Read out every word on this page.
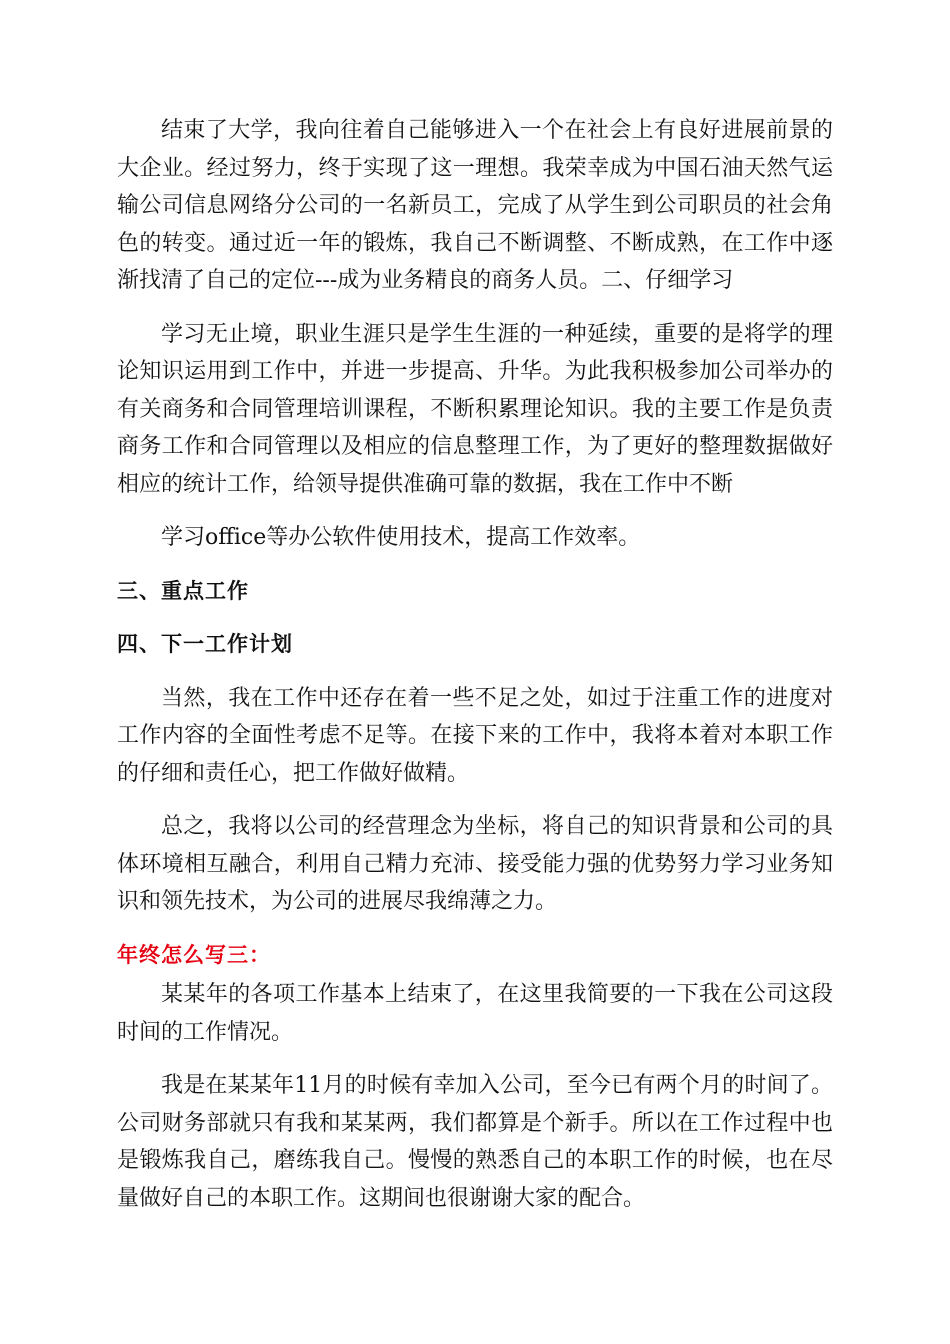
结束了大学，我向往着自己能够进入一个在社会上有良好进展前景的大企业。经过努力，终于实现了这一理想。我荣幸成为中国石油天然气运输公司信息网络分公司的一名新员工，完成了从学生到公司职员的社会角色的转变。通过近一年的锻炼，我自己不断调整、不断成熟，在工作中逐渐找清了自己的定位---成为业务精良的商务人员。二、仔细学习

学习无止境，职业生涯只是学生生涯的一种延续，重要的是将学的理论知识运用到工作中，并进一步提高、升华。为此我积极参加公司举办的有关商务和合同管理培训课程，不断积累理论知识。我的主要工作是负责商务工作和合同管理以及相应的信息整理工作，为了更好的整理数据做好相应的统计工作，给领导提供准确可靠的数据，我在工作中不断

学习office等办公软件使用技术，提高工作效率。

三、重点工作

四、下一工作计划

当然，我在工作中还存在着一些不足之处，如过于注重工作的进度对工作内容的全面性考虑不足等。在接下来的工作中，我将本着对本职工作的仔细和责任心，把工作做好做精。

总之，我将以公司的经营理念为坐标，将自己的知识背景和公司的具体环境相互融合，利用自己精力充沛、接受能力强的优势努力学习业务知识和领先技术，为公司的进展尽我绵薄之力。

年终怎么写三：

某某年的各项工作基本上结束了，在这里我简要的一下我在公司这段时间的工作情况。

我是在某某年11月的时候有幸加入公司，至今已有两个月的时间了。公司财务部就只有我和某某两，我们都算是个新手。所以在工作过程中也是锻炼我自己，磨练我自己。慢慢的熟悉自己的本职工作的时候，也在尽量做好自己的本职工作。这期间也很谢谢大家的配合。
